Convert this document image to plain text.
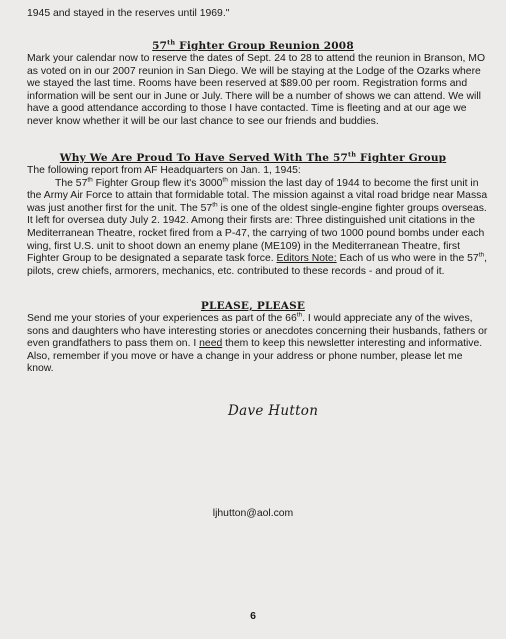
1945 and stayed in the reserves until 1969."

57th Fighter Group Reunion 2008

Mark your calendar now to reserve the dates of Sept. 24 to 28 to attend the reunion in Branson, MO as voted on in our 2007 reunion in San Diego. We will be staying at the Lodge of the Ozarks where we stayed the last time. Rooms have been reserved at $89.00 per room. Registration forms and information will be sent our in June or July. There will be a number of shows we can attend. We will have a good attendance according to those I have contacted. Time is fleeting and at our age we never know whether it will be our last chance to see our friends and buddies.

Why We Are Proud To Have Served With The 57th Fighter Group

The following report from AF Headquarters on Jan. 1, 1945:

The 57th Fighter Group flew it's 3000th mission the last day of 1944 to become the first unit in the Army Air Force to attain that formidable total. The mission against a vital road bridge near Massa was just another first for the unit. The 57th is one of the oldest single-engine fighter groups overseas. It left for oversea duty July 2. 1942. Among their firsts are: Three distinguished unit citations in the Mediterranean Theatre, rocket fired from a P-47, the carrying of two 1000 pound bombs under each wing, first U.S. unit to shoot down an enemy plane (ME109) in the Mediterranean Theatre, first Fighter Group to be designated a separate task force. Editors Note: Each of us who were in the 57th, pilots, crew chiefs, armorers, mechanics, etc. contributed to these records - and proud of it.

PLEASE, PLEASE

Send me your stories of your experiences as part of the 66th. I would appreciate any of the wives, sons and daughters who have interesting stories or anecdotes concerning their husbands, fathers or even grandfathers to pass them on. I need them to keep this newsletter interesting and informative.

Also, remember if you move or have a change in your address or phone number, please let me know.

Dave Hutton
ljhutton@aol.com
6
